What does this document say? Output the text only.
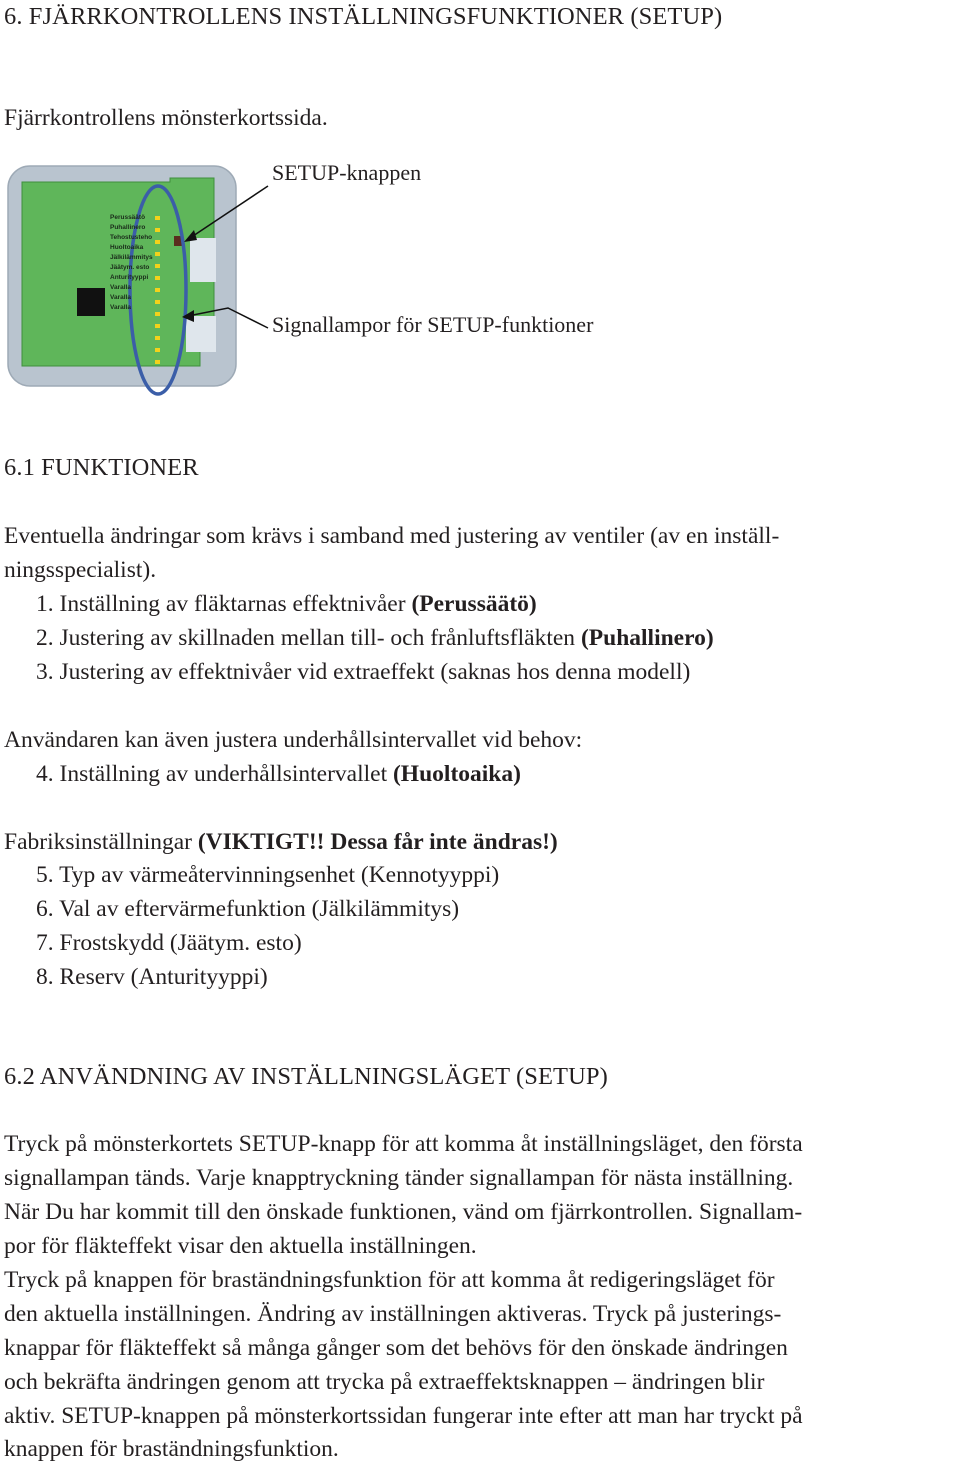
6. FJÄRRKONTROLLENS INSTÄLLNINGSFUNKTIONER (SETUP)

Fjärrkontrollens mönsterkortssida.

Perussäätö
Puhallinero
Tehostusteho
Huoltoaika
Jälkilämmitys
Jäätym. esto
Anturityyppi
Varalla
Varalla
Varalla
SETUP-knappen
Signallampor för SETUP-funktioner
6.1 FUNKTIONER

Eventuella ändringar som krävs i samband med justering av ventiler (av en inställ-

ningsspecialist).

1. Inställning av fläktarnas effektnivåer (Perussäätö)

2. Justering av skillnaden mellan till- och frånluftsfläkten (Puhallinero)

3. Justering av effektnivåer vid extraeffekt (saknas hos denna modell)

Användaren kan även justera underhållsintervallet vid behov:

4. Inställning av underhållsintervallet (Huoltoaika)

Fabriksinställningar (VIKTIGT!! Dessa får inte ändras!)

5. Typ av värmeåtervinningsenhet (Kennotyyppi)

6. Val av eftervärmefunktion (Jälkilämmitys)

7. Frostskydd (Jäätym. esto)

8. Reserv (Anturityyppi)

6.2 ANVÄNDNING AV INSTÄLLNINGSLÄGET (SETUP)

Tryck på mönsterkortets SETUP-knapp för att komma åt inställningsläget, den första

signallampan tänds. Varje knapptryckning tänder signallampan för nästa inställning.

När Du har kommit till den önskade funktionen, vänd om fjärrkontrollen. Signallam-

por för fläkteffekt visar den aktuella inställningen.

Tryck på knappen för braständningsfunktion för att komma åt redigeringsläget för

den aktuella inställningen. Ändring av inställningen aktiveras. Tryck på justerings-

knappar för fläkteffekt så många gånger som det behövs för den önskade ändringen

och bekräfta ändringen genom att trycka på extraeffektsknappen – ändringen blir

aktiv. SETUP-knappen på mönsterkortssidan fungerar inte efter att man har tryckt på

knappen för braständningsfunktion.
